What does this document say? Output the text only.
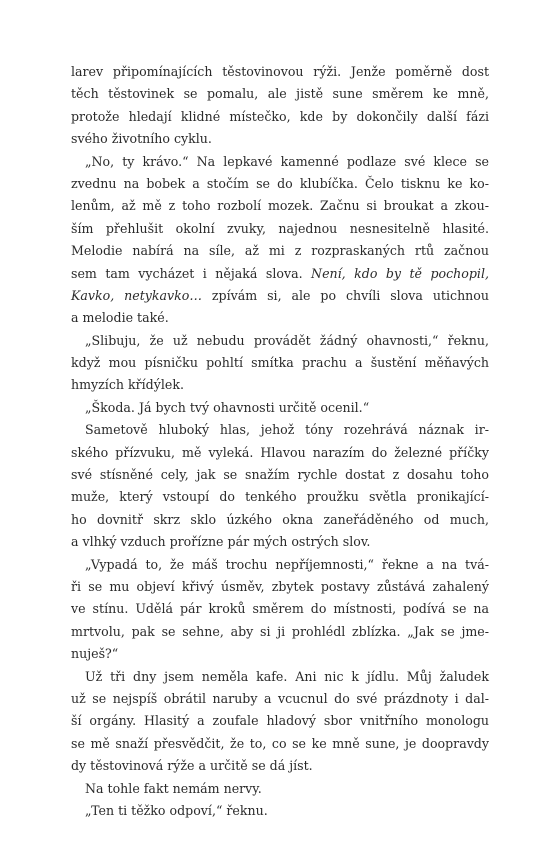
larev připomínajících těstovinovou rýži. Jenže poměrně dost
těch těstovinek se pomalu, ale jistě sune směrem ke mně,
protože hledají klidné místečko, kde by dokončily další fázi
svého životního cyklu.
„No, ty krávo.“ Na lepkavé kamenné podlaze své klece se
zvednu na bobek a stočím se do klubíčka. Čelo tisknu ke ko-
lenům, až mě z toho rozbolí mozek. Začnu si broukat a zkou-
ším přehlušit okolní zvuky, najednou nesnesitelně hlasité.
Melodie nabírá na síle, až mi z rozpraskaných rtů začnou
sem tam vycházet i nějaká slova. Není, kdo by tě pochopil,
Kavko, netykavko… zpívám si, ale po chvíli slova utichnou
a melodie také.
„Slibuju, že už nebudu provádět žádný ohavnosti,“ řeknu,
když mou písničku pohltí smítka prachu a šustění měňavých
hmyzích křídýlek.
„Škoda. Já bych tvý ohavnosti určitě ocenil.“
Sametově hluboký hlas, jehož tóny rozehrává náznak ir-
ského přízvuku, mě vyleká. Hlavou narazím do železné příčky
své stísněné cely, jak se snažím rychle dostat z dosahu toho
muže, který vstoupí do tenkého proužku světla pronikající-
ho dovnitř skrz sklo úzkého okna zaneřáděného od much,
a vlhký vzduch prořízne pár mých ostrých slov.
„Vypadá to, že máš trochu nepříjemnosti,“ řekne a na tvá-
ři se mu objeví křivý úsměv, zbytek postavy zůstává zahalený
ve stínu. Udělá pár kroků směrem do místnosti, podívá se na
mrtvolu, pak se sehne, aby si ji prohlédl zblízka. „Jak se jme-
nuješ?“
Už tři dny jsem neměla kafe. Ani nic k jídlu. Můj žaludek
už se nejspíš obrátil naruby a vcucnul do své prázdnoty i dal-
ší orgány. Hlasitý a zoufale hladový sbor vnitřního monologu
se mě snaží přesvědčit, že to, co se ke mně sune, je doopravdy
dy těstovinová rýže a určitě se dá jíst.
Na tohle fakt nemám nervy.
„Ten ti těžko odpoví,“ řeknu.
